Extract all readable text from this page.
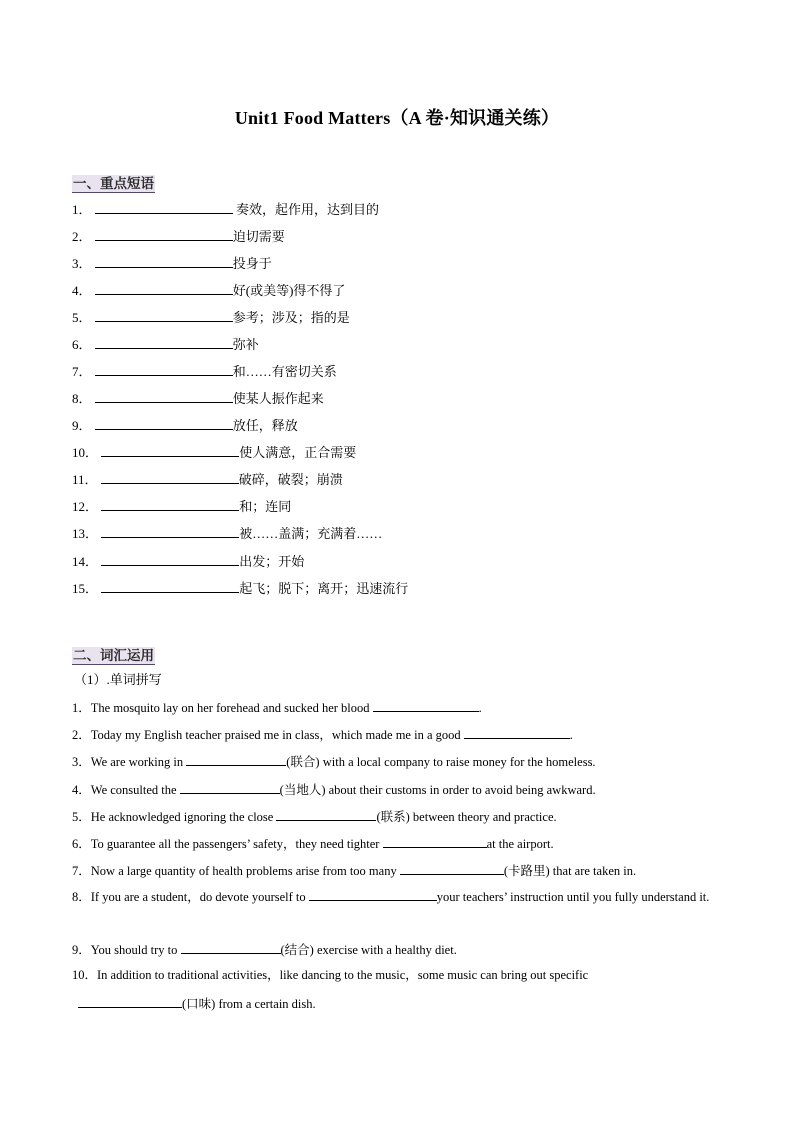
Unit1 Food Matters（A 卷·知识通关练）
一、重点短语
1．	奏效，起作用，达到目的
2．	迫切需要
3．	投身于
4．	好(或美等)得不得了
5．	参考；涉及；指的是
6．	弥补
7．	和……有密切关系
8．	使某人振作起来
9．	放任，释放
10．	使人满意，正合需要
11．	破碎，破裂；崩溃
12．	和；连同
13．	被……盖满；充满着……
14．	出发；开始
15．	起飞；脱下；离开；迅速流行
二、词汇运用
（1）.单词拼写
1．The mosquito lay on her forehead and sucked her blood	.
2．Today my English teacher praised me in class，which made me in a good	.
3．We are working in	(联合) with a local company to raise money for the homeless.
4．We consulted the	(当地人) about their customs in order to avoid being awkward.
5．He acknowledged ignoring the close	(联系) between theory and practice.
6．To guarantee all the passengers’ safety，they need tighter	at the airport.
7．Now a large quantity of health problems arise from too many	(卡路里) that are taken in.
8．If you are a student，do devote yourself to	your teachers’ instruction until you fully understand it.
9．You should try to	(结合) exercise with a healthy diet.
10．In addition to traditional activities，like dancing to the music，some music can bring out specific
(口味) from a certain dish.
